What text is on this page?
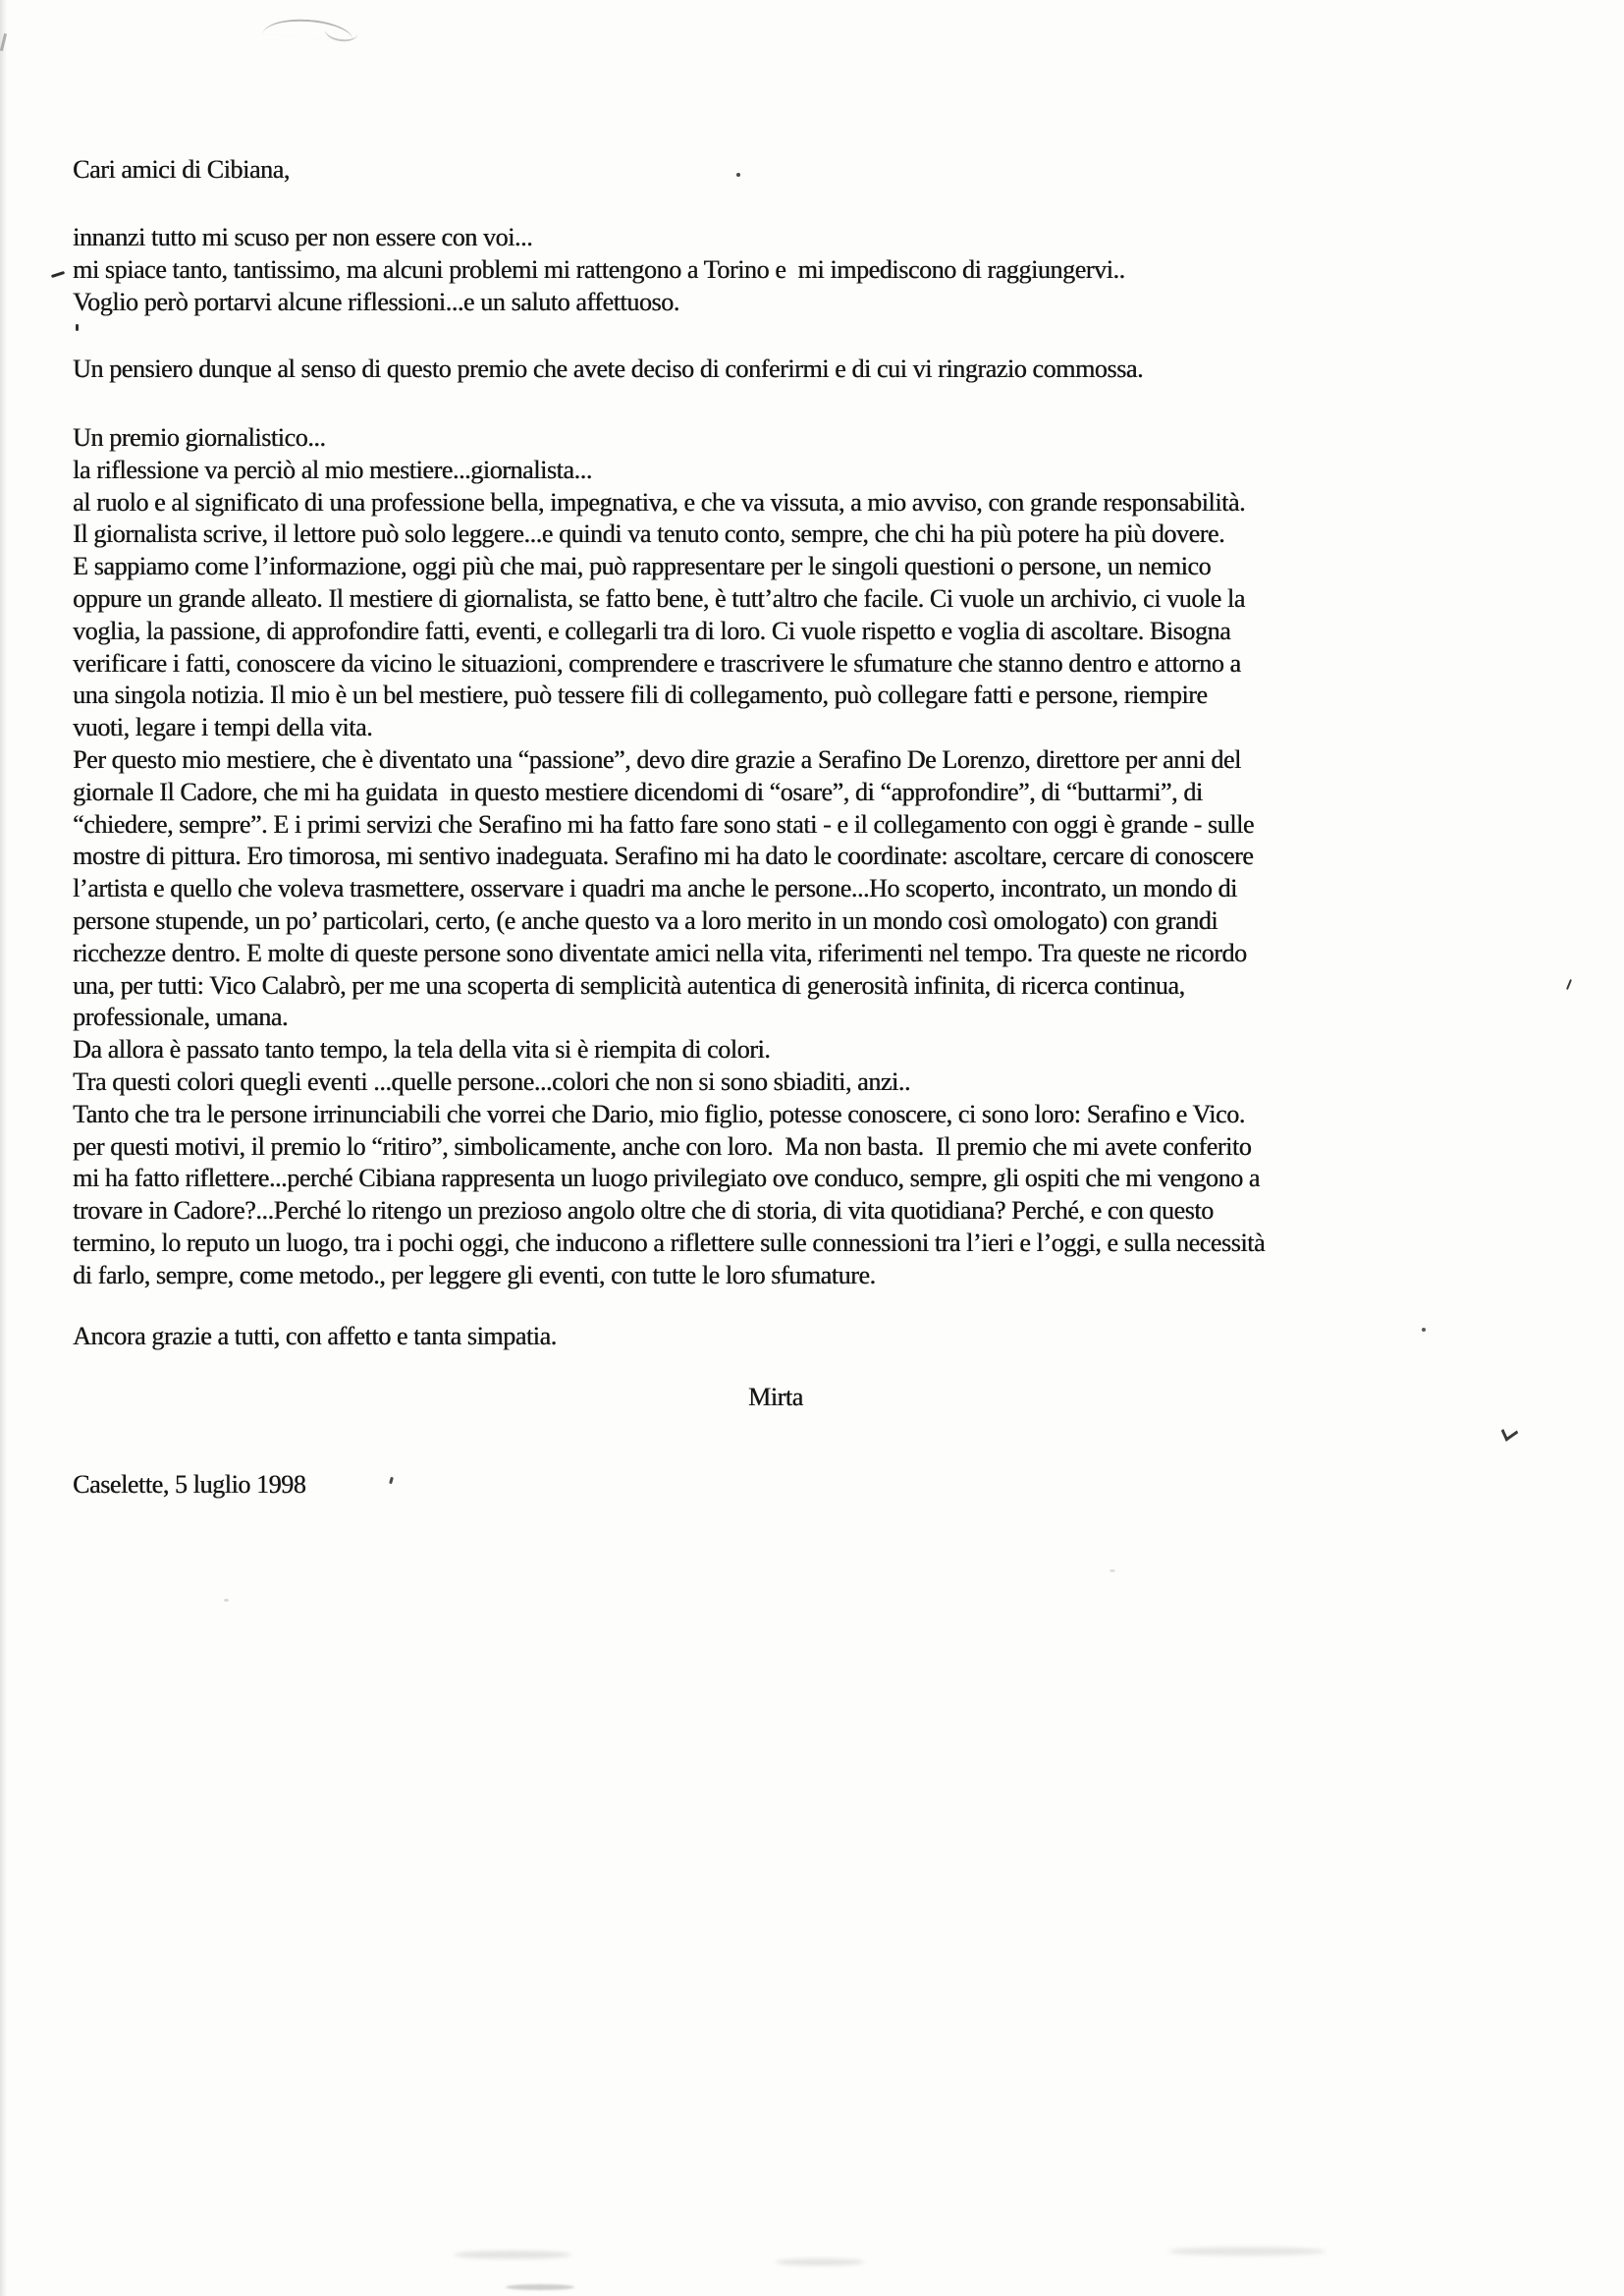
Cari amici di Cibiana,
innanzi tutto mi scuso per non essere con voi...
mi spiace tanto, tantissimo, ma alcuni problemi mi rattengono a Torino e  mi impediscono di raggiungervi..
Voglio però portarvi alcune riflessioni...e un saluto affettuoso.
Un pensiero dunque al senso di questo premio che avete deciso di conferirmi e di cui vi ringrazio commossa.
Un premio giornalistico...
la riflessione va perciò al mio mestiere...giornalista...
al ruolo e al significato di una professione bella, impegnativa, e che va vissuta, a mio avviso, con grande responsabilità.
Il giornalista scrive, il lettore può solo leggere...e quindi va tenuto conto, sempre, che chi ha più potere ha più dovere.
E sappiamo come l’informazione, oggi più che mai, può rappresentare per le singoli questioni o persone, un nemico
oppure un grande alleato. Il mestiere di giornalista, se fatto bene, è tutt’altro che facile. Ci vuole un archivio, ci vuole la
voglia, la passione, di approfondire fatti, eventi, e collegarli tra di loro. Ci vuole rispetto e voglia di ascoltare. Bisogna
verificare i fatti, conoscere da vicino le situazioni, comprendere e trascrivere le sfumature che stanno dentro e attorno a
una singola notizia. Il mio è un bel mestiere, può tessere fili di collegamento, può collegare fatti e persone, riempire
vuoti, legare i tempi della vita.
Per questo mio mestiere, che è diventato una “passione”, devo dire grazie a Serafino De Lorenzo, direttore per anni del
giornale Il Cadore, che mi ha guidata  in questo mestiere dicendomi di “osare”, di “approfondire”, di “buttarmi”, di
“chiedere, sempre”. E i primi servizi che Serafino mi ha fatto fare sono stati - e il collegamento con oggi è grande - sulle
mostre di pittura. Ero timorosa, mi sentivo inadeguata. Serafino mi ha dato le coordinate: ascoltare, cercare di conoscere
l’artista e quello che voleva trasmettere, osservare i quadri ma anche le persone...Ho scoperto, incontrato, un mondo di
persone stupende, un po’ particolari, certo, (e anche questo va a loro merito in un mondo così omologato) con grandi
ricchezze dentro. E molte di queste persone sono diventate amici nella vita, riferimenti nel tempo. Tra queste ne ricordo
una, per tutti: Vico Calabrò, per me una scoperta di semplicità autentica di generosità infinita, di ricerca continua,
professionale, umana.
Da allora è passato tanto tempo, la tela della vita si è riempita di colori.
Tra questi colori quegli eventi ...quelle persone...colori che non si sono sbiaditi, anzi..
Tanto che tra le persone irrinunciabili che vorrei che Dario, mio figlio, potesse conoscere, ci sono loro: Serafino e Vico.
per questi motivi, il premio lo “ritiro”, simbolicamente, anche con loro.  Ma non basta.  Il premio che mi avete conferito
mi ha fatto riflettere...perché Cibiana rappresenta un luogo privilegiato ove conduco, sempre, gli ospiti che mi vengono a
trovare in Cadore?...Perché lo ritengo un prezioso angolo oltre che di storia, di vita quotidiana? Perché, e con questo
termino, lo reputo un luogo, tra i pochi oggi, che inducono a riflettere sulle connessioni tra l’ieri e l’oggi, e sulla necessità
di farlo, sempre, come metodo., per leggere gli eventi, con tutte le loro sfumature.
Ancora grazie a tutti, con affetto e tanta simpatia.
Mirta
Caselette, 5 luglio 1998
